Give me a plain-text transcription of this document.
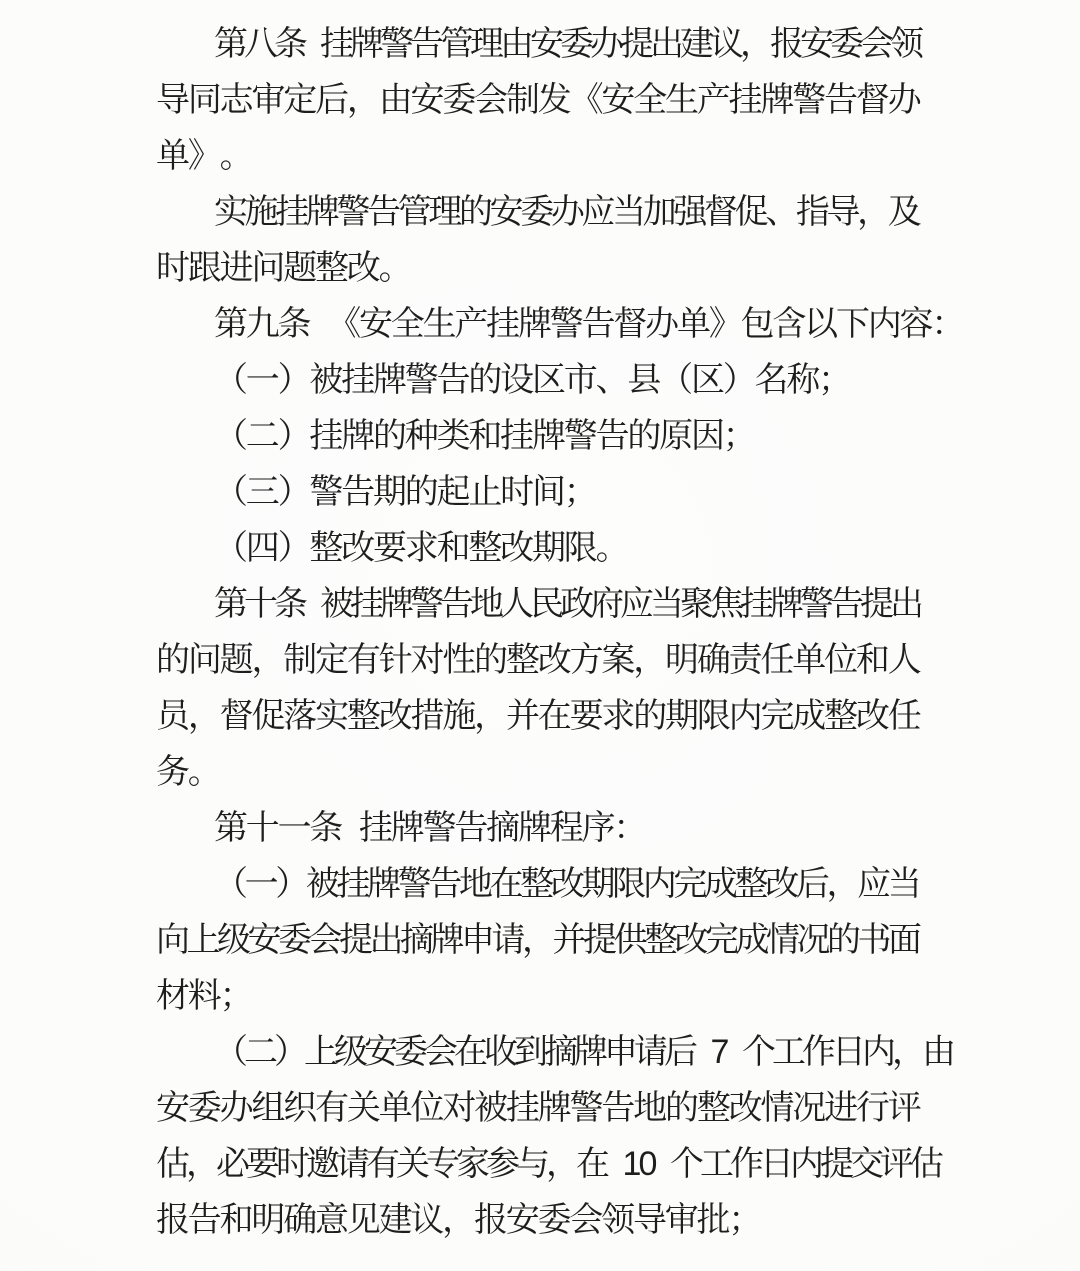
第
八
条 挂
牌
警
告
管
理
由
安
委
办
提
出
建
议
，
报
安
委
会
领
导
同
志
审
定
后
，
由
安
委
会
制
发
《
安
全
生
产
挂
牌
警
告
督
办
单
》
。
实
施
挂
牌
警
告
管
理
的
安
委
办
应
当
加
强
督
促
、
指
导
，
及
时
跟
进
问
题
整
改
。
第
九
条 《
安
全
生
产
挂
牌
警
告
督
办
单
》
包
含
以
下
内
容
：
（
一
）
被
挂
牌
警
告
的
设
区
市
、
县
（
区
）
名
称
；
（
二
）
挂
牌
的
种
类
和
挂
牌
警
告
的
原
因
；
（
三
）
警
告
期
的
起
止
时
间
；
（
四
）
整
改
要
求
和
整
改
期
限
。
第
十
条 被
挂
牌
警
告
地
人
民
政
府
应
当
聚
焦
挂
牌
警
告
提
出
的
问
题
，
制
定
有
针
对
性
的
整
改
方
案
，
明
确
责
任
单
位
和
人
员
，
督
促
落
实
整
改
措
施
，
并
在
要
求
的
期
限
内
完
成
整
改
任
务
。
第
十
一
条 挂
牌
警
告
摘
牌
程
序
：
（
一
）
被
挂
牌
警
告
地
在
整
改
期
限
内
完
成
整
改
后
，
应
当
向
上
级
安
委
会
提
出
摘
牌
申
请
，
并
提
供
整
改
完
成
情
况
的
书
面
材
料
；
（
二
）
上
级
安
委
会
在
收
到
摘
牌
申
请
后 7 个
工
作
日
内
，
由
安
委
办
组
织
有
关
单
位
对
被
挂
牌
警
告
地
的
整
改
情
况
进
行
评
估
，
必
要
时
邀
请
有
关
专
家
参
与
，
在 1
0 个
工
作
日
内
提
交
评
估
报
告
和
明
确
意
见
建
议
，
报
安
委
会
领
导
审
批
；
